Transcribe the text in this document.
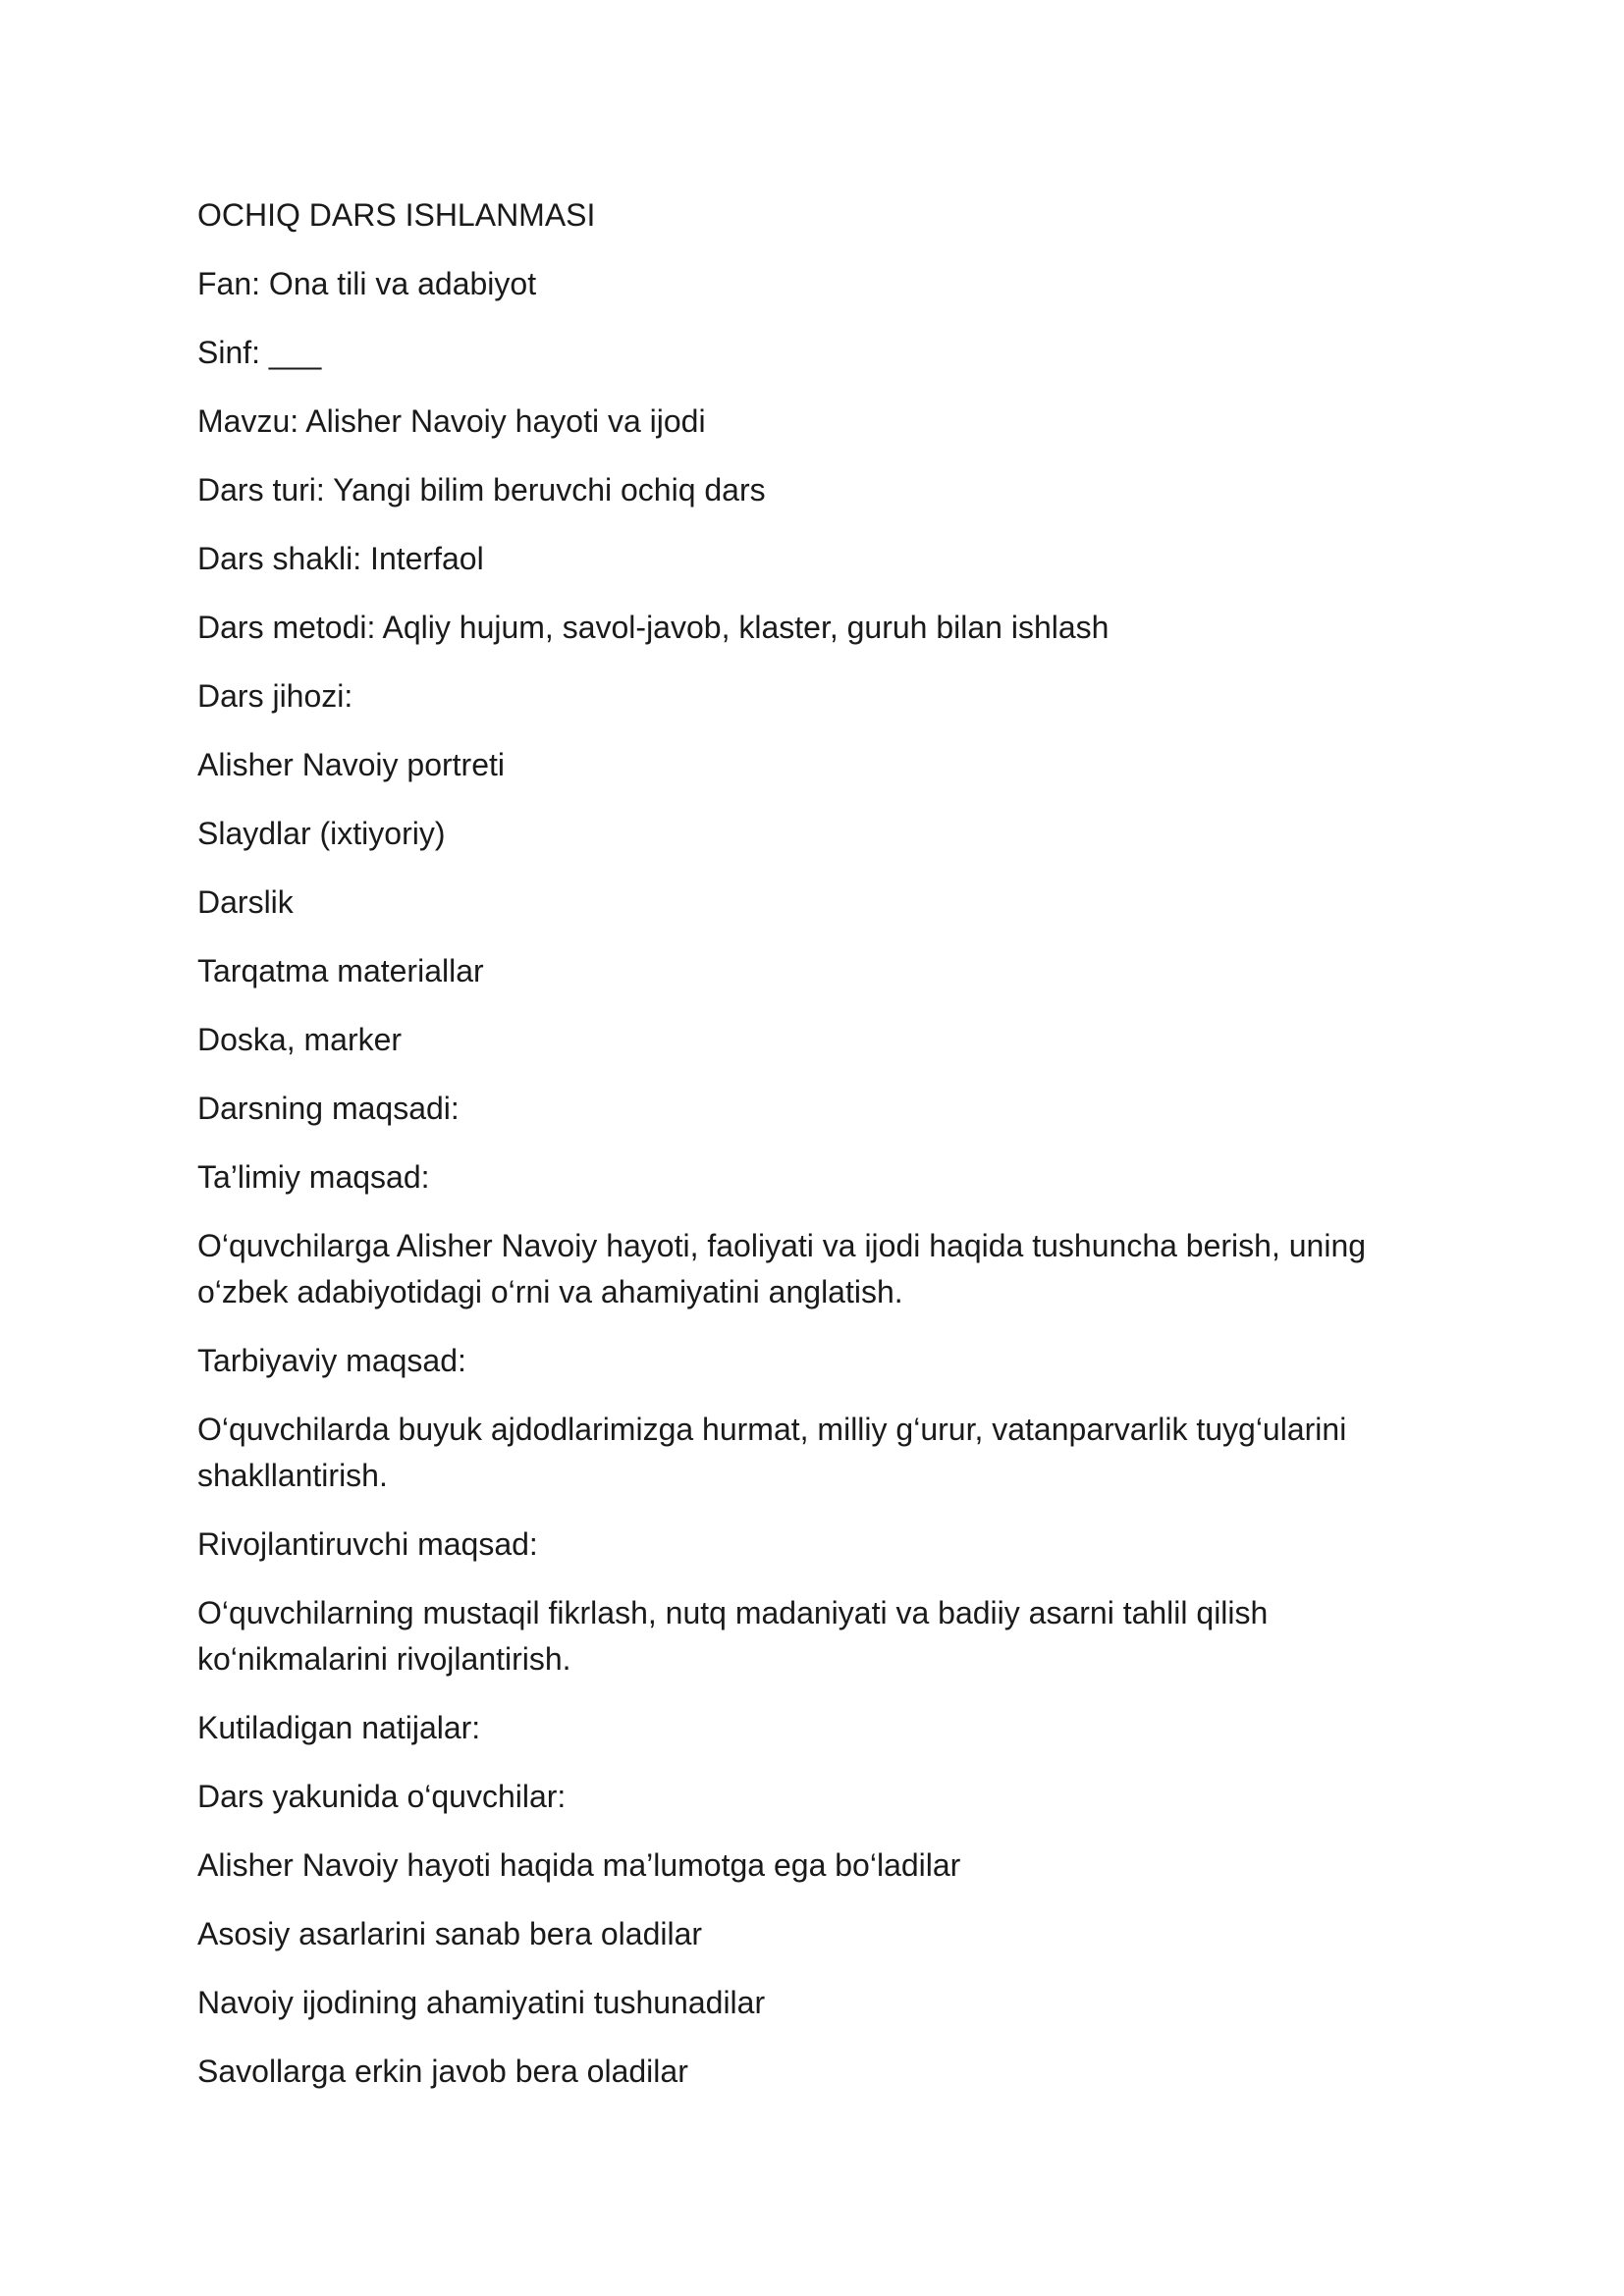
OCHIQ DARS ISHLANMASI

Fan: Ona tili va adabiyot

Sinf: ___

Mavzu: Alisher Navoiy hayoti va ijodi

Dars turi: Yangi bilim beruvchi ochiq dars

Dars shakli: Interfaol

Dars metodi: Aqliy hujum, savol-javob, klaster, guruh bilan ishlash

Dars jihozi:

Alisher Navoiy portreti

Slaydlar (ixtiyoriy)

Darslik

Tarqatma materiallar

Doska, marker

Darsning maqsadi:

Ta’limiy maqsad:

O‘quvchilarga Alisher Navoiy hayoti, faoliyati va ijodi haqida tushuncha berish, uning o‘zbek adabiyotidagi o‘rni va ahamiyatini anglatish.

Tarbiyaviy maqsad:

O‘quvchilarda buyuk ajdodlarimizga hurmat, milliy g‘urur, vatanparvarlik tuyg‘ularini shakllantirish.

Rivojlantiruvchi maqsad:

O‘quvchilarning mustaqil fikrlash, nutq madaniyati va badiiy asarni tahlil qilish ko‘nikmalarini rivojlantirish.

Kutiladigan natijalar:

Dars yakunida o‘quvchilar:

Alisher Navoiy hayoti haqida ma’lumotga ega bo‘ladilar

Asosiy asarlarini sanab bera oladilar

Navoiy ijodining ahamiyatini tushunadilar

Savollarga erkin javob bera oladilar
